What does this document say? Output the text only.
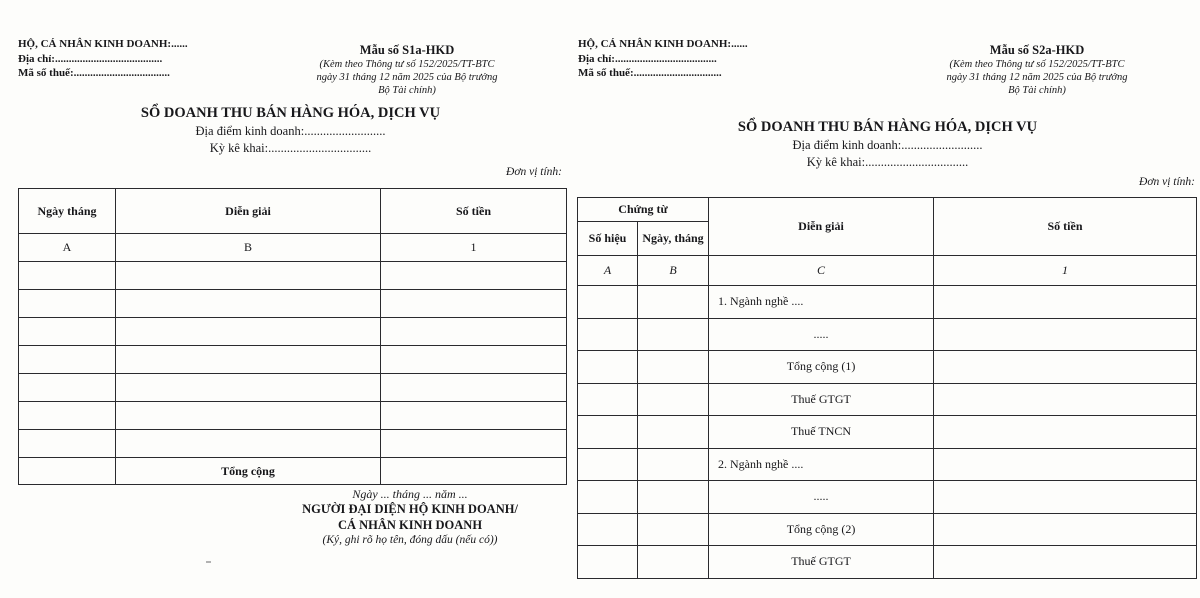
HỘ, CÁ NHÂN KINH DOANH:......
Địa chỉ:.......................................
Mã số thuế:...................................
Mẫu số S1a-HKD
(Kèm theo Thông tư số 152/2025/TT-BTC
ngày 31 tháng 12 năm 2025 của Bộ trưởng
Bộ Tài chính)
SỔ DOANH THU BÁN HÀNG HÓA, DỊCH VỤ
Địa điểm kinh doanh:..........................
Kỳ kê khai:.................................
Đơn vị tính:
Ngày tháng	Diễn giải	Số tiền
A	B	1

	Tổng cộng	
Ngày ... tháng ... năm ...
NGƯỜI ĐẠI DIỆN HỘ KINH DOANH/
CÁ NHÂN KINH DOANH
(Ký, ghi rõ họ tên, đóng dấu (nếu có))
HỘ, CÁ NHÂN KINH DOANH:......
Địa chỉ:.....................................
Mã số thuế:................................
Mẫu số S2a-HKD
(Kèm theo Thông tư số 152/2025/TT-BTC
ngày 31 tháng 12 năm 2025 của Bộ trưởng
Bộ Tài chính)
SỔ DOANH THU BÁN HÀNG HÓA, DỊCH VỤ
Địa điểm kinh doanh:..........................
Kỳ kê khai:.................................
Đơn vị tính:
Chứng từ		Diễn giải	Số tiền
Số hiệu	Ngày, tháng		
A	B	C	1
		1. Ngành nghề ....	
		.....	
		Tổng cộng (1)	
		Thuế GTGT	
		Thuế TNCN	
		2. Ngành nghề ....	
		.....	
		Tổng cộng (2)	
		Thuế GTGT	
